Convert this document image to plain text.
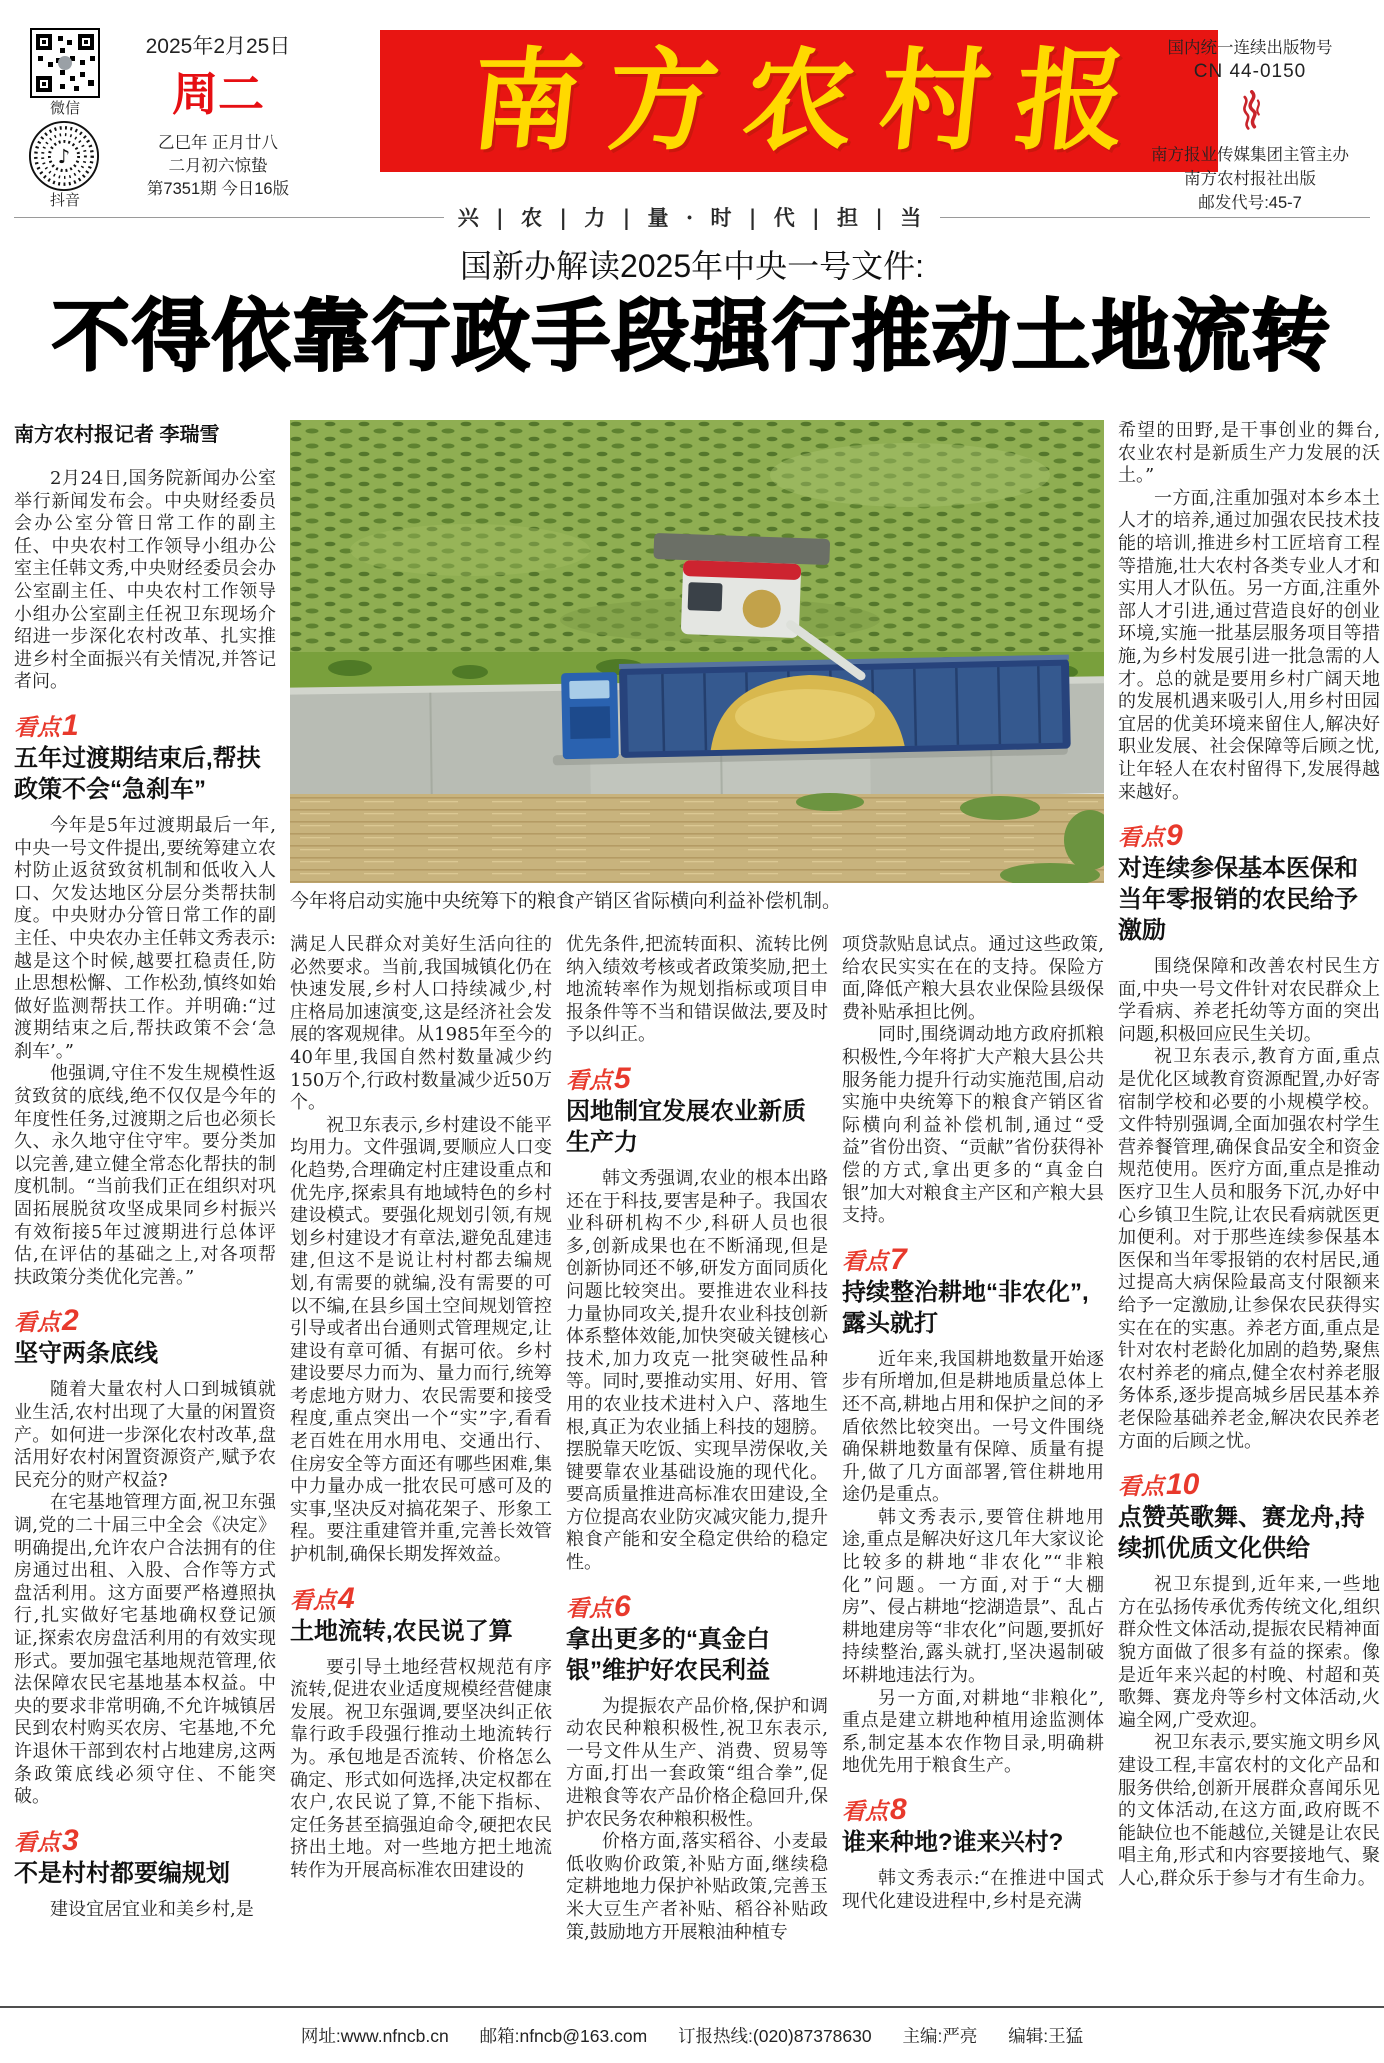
微信
♪
抖音
2025年2月25日
周二
乙巳年 正月廿八
二月初六惊蛰
第7351期 今日16版
南方农村报 国内统一连续出版物号
CN 44-0150
南方报业传媒集团主管主办
南方农村报社出版
邮发代号:45-7
兴 | 农 | 力 | 量 · 时 | 代 | 担 | 当
国新办解读2025年中央一号文件:
不得依靠行政手段强行推动土地流转
今年将启动实施中央统筹下的粮食产销区省际横向利益补偿机制。
南方农村报记者 李瑞雪

2月24日,国务院新闻办公室举行新闻发布会。中央财经委员会办公室分管日常工作的副主任、中央农村工作领导小组办公室主任韩文秀,中央财经委员会办公室副主任、中央农村工作领导小组办公室副主任祝卫东现场介绍进一步深化农村改革、扎实推进乡村全面振兴有关情况,并答记者问。

看点1
五年过渡期结束后,帮扶政策不会“急刹车”

今年是5年过渡期最后一年,中央一号文件提出,要统筹建立农村防止返贫致贫机制和低收入人口、欠发达地区分层分类帮扶制度。中央财办分管日常工作的副主任、中央农办主任韩文秀表示:越是这个时候,越要扛稳责任,防止思想松懈、工作松劲,慎终如始做好监测帮扶工作。并明确:“过渡期结束之后,帮扶政策不会‘急刹车’。”

他强调,守住不发生规模性返贫致贫的底线,绝不仅仅是今年的年度性任务,过渡期之后也必须长久、永久地守住守牢。要分类加以完善,建立健全常态化帮扶的制度机制。“当前我们正在组织对巩固拓展脱贫攻坚成果同乡村振兴有效衔接5年过渡期进行总体评估,在评估的基础之上,对各项帮扶政策分类优化完善。”

看点2
坚守两条底线

随着大量农村人口到城镇就业生活,农村出现了大量的闲置资产。如何进一步深化农村改革,盘活用好农村闲置资源资产,赋予农民充分的财产权益?

在宅基地管理方面,祝卫东强调,党的二十届三中全会《决定》明确提出,允许农户合法拥有的住房通过出租、入股、合作等方式盘活利用。这方面要严格遵照执行,扎实做好宅基地确权登记颁证,探索农房盘活利用的有效实现形式。要加强宅基地规范管理,依法保障农民宅基地基本权益。中央的要求非常明确,不允许城镇居民到农村购买农房、宅基地,不允许退休干部到农村占地建房,这两条政策底线必须守住、不能突破。

看点3
不是村村都要编规划

建设宜居宜业和美乡村,是

满足人民群众对美好生活向往的必然要求。当前,我国城镇化仍在快速发展,乡村人口持续减少,村庄格局加速演变,这是经济社会发展的客观规律。从1985年至今的40年里,我国自然村数量减少约150万个,行政村数量减少近50万个。

祝卫东表示,乡村建设不能平均用力。文件强调,要顺应人口变化趋势,合理确定村庄建设重点和优先序,探索具有地域特色的乡村建设模式。要强化规划引领,有规划乡村建设才有章法,避免乱建违建,但这不是说让村村都去编规划,有需要的就编,没有需要的可以不编,在县乡国土空间规划管控引导或者出台通则式管理规定,让建设有章可循、有据可依。乡村建设要尽力而为、量力而行,统筹考虑地方财力、农民需要和接受程度,重点突出一个“实”字,看看老百姓在用水用电、交通出行、住房安全等方面还有哪些困难,集中力量办成一批农民可感可及的实事,坚决反对搞花架子、形象工程。要注重建管并重,完善长效管护机制,确保长期发挥效益。

看点4
土地流转,农民说了算

要引导土地经营权规范有序流转,促进农业适度规模经营健康发展。祝卫东强调,要坚决纠正依靠行政手段强行推动土地流转行为。承包地是否流转、价格怎么确定、形式如何选择,决定权都在农户,农民说了算,不能下指标、定任务甚至搞强迫命令,硬把农民挤出土地。对一些地方把土地流转作为开展高标准农田建设的

优先条件,把流转面积、流转比例纳入绩效考核或者政策奖励,把土地流转率作为规划指标或项目申报条件等不当和错误做法,要及时予以纠正。

看点5
因地制宜发展农业新质生产力

韩文秀强调,农业的根本出路还在于科技,要害是种子。我国农业科研机构不少,科研人员也很多,创新成果也在不断涌现,但是创新协同还不够,研发方面同质化问题比较突出。要推进农业科技力量协同攻关,提升农业科技创新体系整体效能,加快突破关键核心技术,加力攻克一批突破性品种等。同时,要推动实用、好用、管用的农业技术进村入户、落地生根,真正为农业插上科技的翅膀。摆脱靠天吃饭、实现旱涝保收,关键要靠农业基础设施的现代化。要高质量推进高标准农田建设,全方位提高农业防灾减灾能力,提升粮食产能和安全稳定供给的稳定性。

看点6
拿出更多的“真金白银”维护好农民利益

为提振农产品价格,保护和调动农民种粮积极性,祝卫东表示,一号文件从生产、消费、贸易等方面,打出一套政策“组合拳”,促进粮食等农产品价格企稳回升,保护农民务农种粮积极性。

价格方面,落实稻谷、小麦最低收购价政策,补贴方面,继续稳定耕地地力保护补贴政策,完善玉米大豆生产者补贴、稻谷补贴政策,鼓励地方开展粮油种植专

项贷款贴息试点。通过这些政策,给农民实实在在的支持。保险方面,降低产粮大县农业保险县级保费补贴承担比例。

同时,围绕调动地方政府抓粮积极性,今年将扩大产粮大县公共服务能力提升行动实施范围,启动实施中央统筹下的粮食产销区省际横向利益补偿机制,通过“受益”省份出资、“贡献”省份获得补偿的方式,拿出更多的“真金白银”加大对粮食主产区和产粮大县支持。

看点7
持续整治耕地“非农化”,露头就打

近年来,我国耕地数量开始逐步有所增加,但是耕地质量总体上还不高,耕地占用和保护之间的矛盾依然比较突出。一号文件围绕确保耕地数量有保障、质量有提升,做了几方面部署,管住耕地用途仍是重点。

韩文秀表示,要管住耕地用途,重点是解决好这几年大家议论比较多的耕地“非农化”“非粮化”问题。一方面,对于“大棚房”、侵占耕地“挖湖造景”、乱占耕地建房等“非农化”问题,要抓好持续整治,露头就打,坚决遏制破坏耕地违法行为。

另一方面,对耕地“非粮化”,重点是建立耕地种植用途监测体系,制定基本农作物目录,明确耕地优先用于粮食生产。

看点8
谁来种地?谁来兴村?

韩文秀表示:“在推进中国式现代化建设进程中,乡村是充满

希望的田野,是干事创业的舞台,农业农村是新质生产力发展的沃土。”

一方面,注重加强对本乡本土人才的培养,通过加强农民技术技能的培训,推进乡村工匠培育工程等措施,壮大农村各类专业人才和实用人才队伍。另一方面,注重外部人才引进,通过营造良好的创业环境,实施一批基层服务项目等措施,为乡村发展引进一批急需的人才。总的就是要用乡村广阔天地的发展机遇来吸引人,用乡村田园宜居的优美环境来留住人,解决好职业发展、社会保障等后顾之忧,让年轻人在农村留得下,发展得越来越好。

看点9
对连续参保基本医保和当年零报销的农民给予激励

围绕保障和改善农村民生方面,中央一号文件针对农民群众上学看病、养老托幼等方面的突出问题,积极回应民生关切。

祝卫东表示,教育方面,重点是优化区域教育资源配置,办好寄宿制学校和必要的小规模学校。文件特别强调,全面加强农村学生营养餐管理,确保食品安全和资金规范使用。医疗方面,重点是推动医疗卫生人员和服务下沉,办好中心乡镇卫生院,让农民看病就医更加便利。对于那些连续参保基本医保和当年零报销的农村居民,通过提高大病保险最高支付限额来给予一定激励,让参保农民获得实实在在的实惠。养老方面,重点是针对农村老龄化加剧的趋势,聚焦农村养老的痛点,健全农村养老服务体系,逐步提高城乡居民基本养老保险基础养老金,解决农民养老方面的后顾之忧。

看点10
点赞英歌舞、赛龙舟,持续抓优质文化供给

祝卫东提到,近年来,一些地方在弘扬传承优秀传统文化,组织群众性文体活动,提振农民精神面貌方面做了很多有益的探索。像是近年来兴起的村晚、村超和英歌舞、赛龙舟等乡村文体活动,火遍全网,广受欢迎。

祝卫东表示,要实施文明乡风建设工程,丰富农村的文化产品和服务供给,创新开展群众喜闻乐见的文体活动,在这方面,政府既不能缺位也不能越位,关键是让农民唱主角,形式和内容要接地气、聚人心,群众乐于参与才有生命力。

网址:www.nfncb.cn 邮箱:nfncb@163.com 订报热线:(020)87378630 主编:严亮 编辑:王猛
